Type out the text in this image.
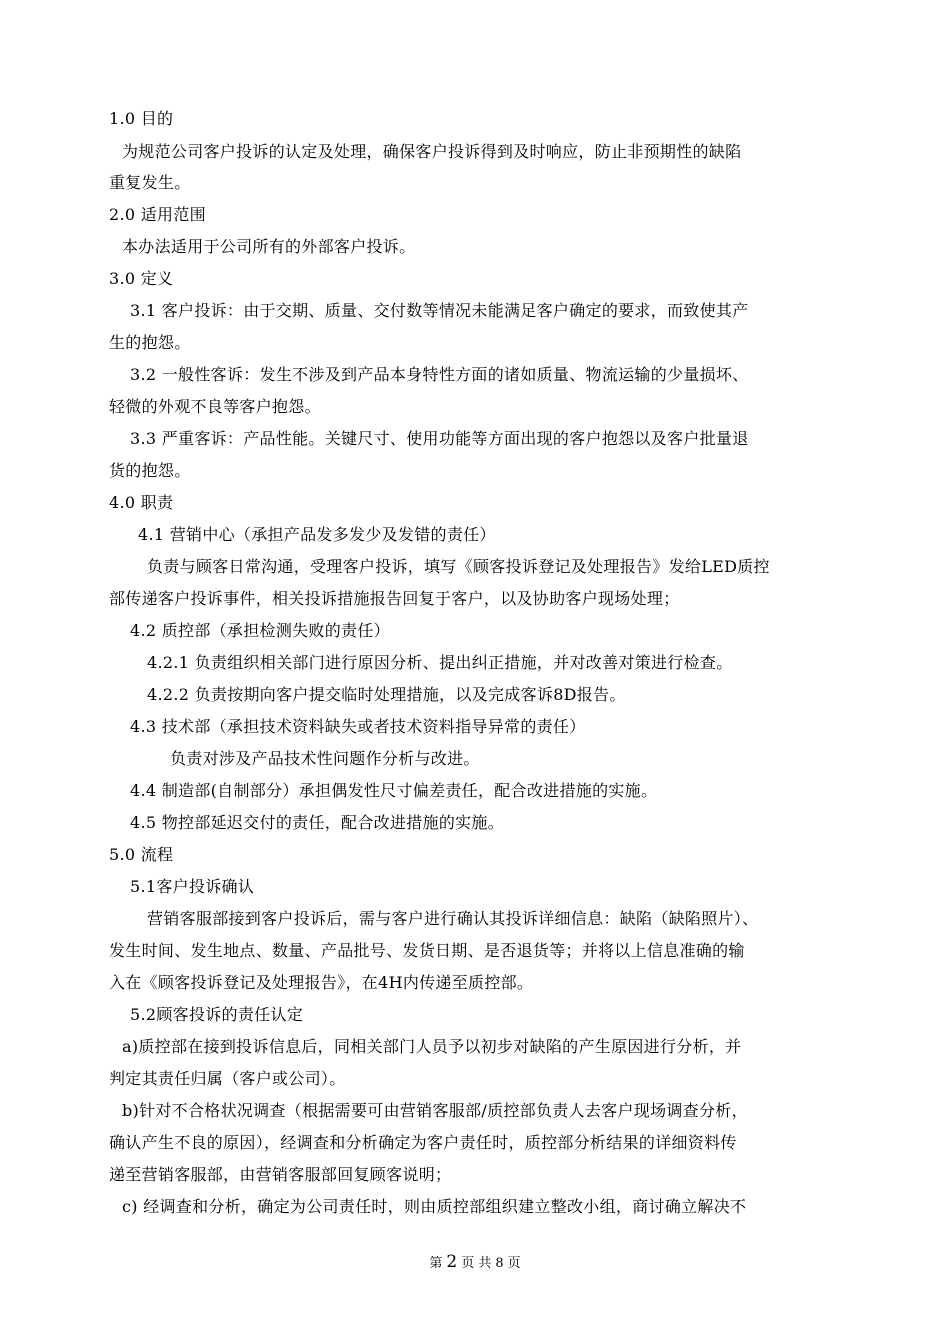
1.0 目的
为规范公司客户投诉的认定及处理，确保客户投诉得到及时响应，防止非预期性的缺陷
重复发生。
2.0 适用范围
本办法适用于公司所有的外部客户投诉。
3.0 定义
3.1 客户投诉：由于交期、质量、交付数等情况未能满足客户确定的要求，而致使其产
生的抱怨。
3.2 一般性客诉：发生不涉及到产品本身特性方面的诸如质量、物流运输的少量损坏、
轻微的外观不良等客户抱怨。
3.3 严重客诉：产品性能。关键尺寸、使用功能等方面出现的客户抱怨以及客户批量退
货的抱怨。
4.0 职责
4.1 营销中心（承担产品发多发少及发错的责任）
负责与顾客日常沟通，受理客户投诉，填写《顾客投诉登记及处理报告》发给LED质控
部传递客户投诉事件，相关投诉措施报告回复于客户，以及协助客户现场处理；
4.2 质控部（承担检测失败的责任）
4.2.1 负责组织相关部门进行原因分析、提出纠正措施，并对改善对策进行检查。
4.2.2 负责按期向客户提交临时处理措施，以及完成客诉8D报告。
4.3 技术部（承担技术资料缺失或者技术资料指导异常的责任）
负责对涉及产品技术性问题作分析与改进。
4.4 制造部(自制部分）承担偶发性尺寸偏差责任，配合改进措施的实施。
4.5 物控部延迟交付的责任，配合改进措施的实施。
5.0 流程
5.1客户投诉确认
营销客服部接到客户投诉后，需与客户进行确认其投诉详细信息：缺陷（缺陷照片）、
发生时间、发生地点、数量、产品批号、发货日期、是否退货等；并将以上信息准确的输
入在《顾客投诉登记及处理报告》，在4H内传递至质控部。
5.2顾客投诉的责任认定
a)质控部在接到投诉信息后，同相关部门人员予以初步对缺陷的产生原因进行分析，并
判定其责任归属（客户或公司）。
b)针对不合格状况调查（根据需要可由营销客服部/质控部负责人去客户现场调查分析，
确认产生不良的原因），经调查和分析确定为客户责任时，质控部分析结果的详细资料传
递至营销客服部，由营销客服部回复顾客说明；
c) 经调查和分析，确定为公司责任时，则由质控部组织建立整改小组，商讨确立解决不
第 2 页 共 8 页
